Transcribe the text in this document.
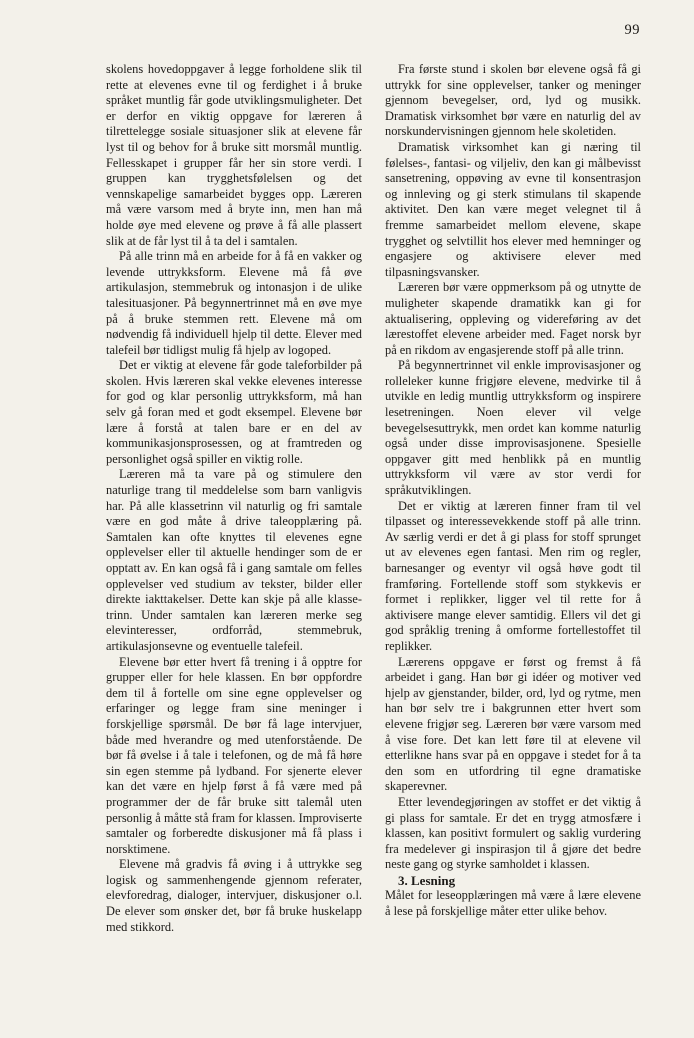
99

skolens hovedoppgaver å legge forholdene slik til rette at elevenes evne til og ferdighet i å bruke språket muntlig får gode utviklingsmuligheter. Det er derfor en viktig oppgave for læreren å tilrettelegge sosiale situasjoner slik at elevene får lyst til og behov for å bruke sitt morsmål muntlig. Fellesskapet i grupper får her sin store verdi. I gruppen kan trygghetsfølelsen og det vennskapelige samarbeidet bygges opp. Læreren må være varsom med å bryte inn, men han må holde øye med elevene og prøve å få alle plassert slik at de får lyst til å ta del i samtalen.

På alle trinn må en arbeide for å få en vakker og levende uttrykksform. Elevene må få øve artikulasjon, stemmebruk og intonasjon i de ulike talesituasjoner. På begynnertrinnet må en øve mye på å bruke stemmen rett. Elevene må om nødvendig få individuell hjelp til dette. Elever med talefeil bør tidligst mulig få hjelp av logoped.

Det er viktig at elevene får gode taleforbilder på skolen. Hvis læreren skal vekke elevenes interesse for god og klar personlig uttrykksform, må han selv gå foran med et godt eksempel. Elevene bør lære å forstå at talen bare er en del av kommunikasjonsprosessen, og at framtreden og personlighet også spiller en viktig rolle.

Læreren må ta vare på og stimulere den naturlige trang til meddelelse som barn vanligvis har. På alle klassetrinn vil naturlig og fri samtale være en god måte å drive taleopplæring på. Samtalen kan ofte knyttes til elevenes egne opplevelser eller til aktuelle hendinger som de er opptatt av. En kan også få i gang samtale om felles opplevelser ved studium av tekster, bilder eller direkte iakttakelser. Dette kan skje på alle klassetrinn. Under samtalen kan læreren merke seg elevinteresser, ordforråd, stemmebruk, artikulasjonsevne og eventuelle talefeil.

Elevene bør etter hvert få trening i å opptre for grupper eller for hele klassen. En bør oppfordre dem til å fortelle om sine egne opplevelser og erfaringer og legge fram sine meninger i forskjellige spørsmål. De bør få lage intervjuer, både med hverandre og med utenforstående. De bør få øvelse i å tale i telefonen, og de må få høre sin egen stemme på lydband. For sjenerte elever kan det være en hjelp først å få være med på programmer der de får bruke sitt talemål uten personlig å måtte stå fram for klassen. Improviserte samtaler og forberedte diskusjoner må få plass i norsktimene.

Elevene må gradvis få øving i å uttrykke seg logisk og sammenhengende gjennom referater, elevforedrag, dialoger, intervjuer, diskusjoner o.l. De elever som ønsker det, bør få bruke huskelapp med stikkord.

Fra første stund i skolen bør elevene også få gi uttrykk for sine opplevelser, tanker og meninger gjennom bevegelser, ord, lyd og musikk. Dramatisk virksomhet bør være en naturlig del av norskundervisningen gjennom hele skoletiden.

Dramatisk virksomhet kan gi næring til følelses-, fantasi- og viljeliv, den kan gi målbevisst sansetrening, oppøving av evne til konsentrasjon og innleving og gi sterk stimulans til skapende aktivitet. Den kan være meget velegnet til å fremme samarbeidet mellom elevene, skape trygghet og selvtillit hos elever med hemninger og engasjere og aktivisere elever med tilpasningsvansker.

Læreren bør være oppmerksom på og utnytte de muligheter skapende dramatikk kan gi for aktualisering, oppleving og videreføring av det lærestoffet elevene arbeider med. Faget norsk byr på en rikdom av engasjerende stoff på alle trinn.

På begynnertrinnet vil enkle improvisasjoner og rolleleker kunne frigjøre elevene, medvirke til å utvikle en ledig muntlig uttrykksform og inspirere lesetreningen. Noen elever vil velge bevegelsesuttrykk, men ordet kan komme naturlig også under disse improvisasjonene. Spesielle oppgaver gitt med henblikk på en muntlig uttrykksform vil være av stor verdi for språkutviklingen.

Det er viktig at læreren finner fram til vel tilpasset og interessevekkende stoff på alle trinn. Av særlig verdi er det å gi plass for stoff sprunget ut av elevenes egen fantasi. Men rim og regler, barnesanger og eventyr vil også høve godt til framføring. Fortellende stoff som stykkevis er formet i replikker, ligger vel til rette for å aktivisere mange elever samtidig. Ellers vil det gi god språklig trening å omforme fortellestoffet til replikker.

Lærerens oppgave er først og fremst å få arbeidet i gang. Han bør gi idéer og motiver ved hjelp av gjenstander, bilder, ord, lyd og rytme, men han bør selv tre i bakgrunnen etter hvert som elevene frigjør seg. Læreren bør være varsom med å vise fore. Det kan lett føre til at elevene vil etterlikne hans svar på en oppgave i stedet for å ta den som en utfordring til egne dramatiske skaperevner.

Etter levendegjøringen av stoffet er det viktig å gi plass for samtale. Er det en trygg atmosfære i klassen, kan positivt formulert og saklig vurdering fra medelever gi inspirasjon til å gjøre det bedre neste gang og styrke samholdet i klassen.

3. Lesning

Målet for leseopplæringen må være å lære elevene å lese på forskjellige måter etter ulike behov.
